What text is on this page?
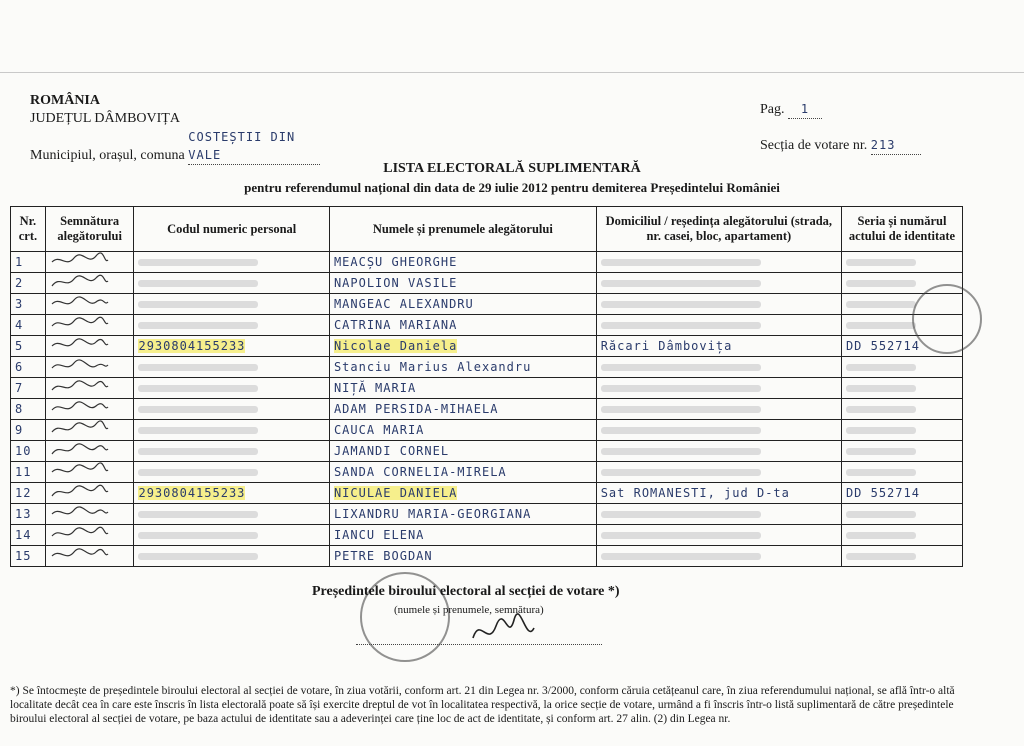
ROMÂNIA
JUDEȚUL DÂMBOVIȚA
Municipiul, orașul, comuna COSTEȘTII DIN VALE
Pag. 1
Secția de votare nr. 213
LISTA ELECTORALĂ SUPLIMENTARĂ
pentru referendumul național din data de 29 iulie 2012 pentru demiterea Președintelui României
Nr. crt.	Semnătura alegătorului	Codul numeric personal	Numele și prenumele alegătorului	Domiciliul / reședința alegătorului (strada, nr. casei, bloc, apartament)	Seria și numărul actului de identitate
1			MEACȘU GHEORGHE		
2			NAPOLION VASILE		
3			MANGEAC ALEXANDRU		
4			CATRINA MARIANA		
5		2930804155233	Nicolae Daniela	Răcari Dâmbovița	DD 552714
6			Stanciu Marius Alexandru		
7			NIȚĂ MARIA		
8			ADAM PERSIDA-MIHAELA		
9			CAUCA MARIA		
10			JAMANDI CORNEL		
11			SANDA CORNELIA-MIRELA		
12		2930804155233	NICULAE DANIELA	Sat ROMANESTI, jud D-ta	DD 552714
13			LIXANDRU MARIA-GEORGIANA		
14			IANCU ELENA		
15			PETRE BOGDAN		
Președintele biroului electoral al secției de votare *)
(numele și prenumele, semnătura)
*) Se întocmește de președintele biroului electoral al secției de votare, în ziua votării, conform art. 21 din Legea nr. 3/2000, conform căruia cetățeanul care, în ziua referendumului național, se află într-o altă localitate decât cea în care este înscris în lista electorală poate să își exercite dreptul de vot în localitatea respectivă, la orice secție de votare, urmând a fi înscris într-o listă suplimentară de către președintele biroului electoral al secției de votare, pe baza actului de identitate sau a adeverinței care ține loc de act de identitate, și conform art. 27 alin. (2) din Legea nr.
